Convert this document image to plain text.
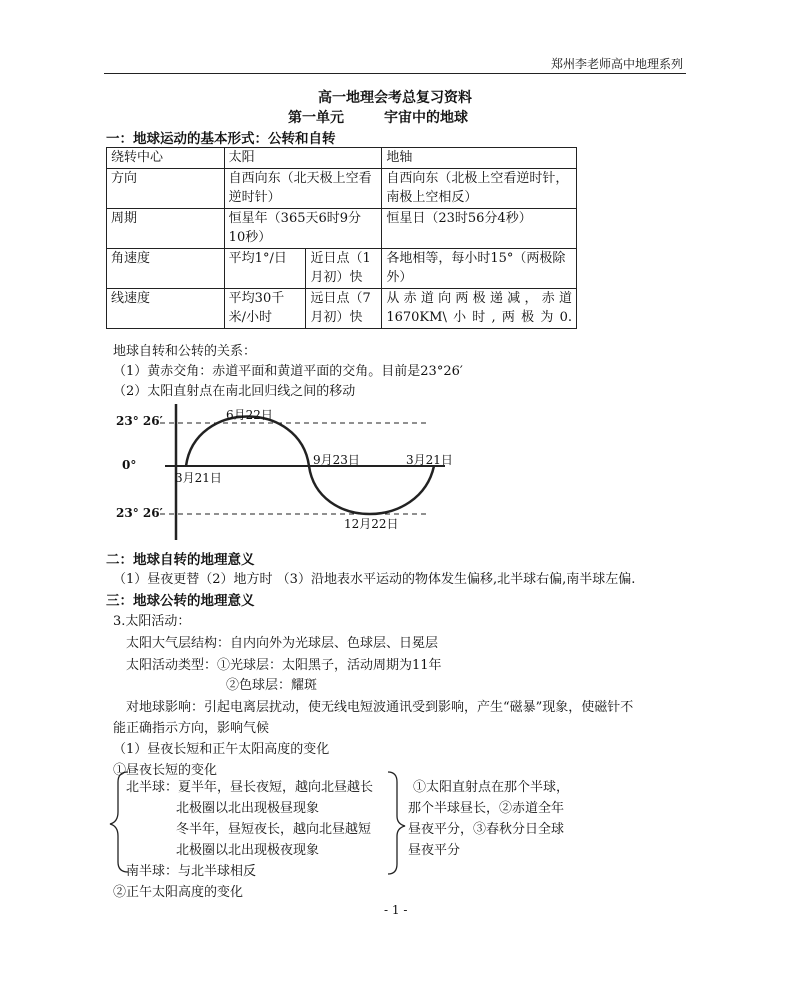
郑州李老师高中地理系列
高一地理会考总复习资料
第一单元	宇宙中的地球
一：地球运动的基本形式：公转和自转
绕转中心	太阳		地轴
方向	自西向东（北天极上空看逆时针）		自西向东（北极上空看逆时针，南极上空相反）
周期	恒星年（365天6时9分10秒）		恒星日（23时56分4秒）
角速度	平均1°/日	近日点（1月初）快	各地相等，每小时15°（两极除外）
线速度	平均30千米/小时	远日点（7月初）快	从赤道向两极递减，赤道1670KM\小时,两极为0.
地球自转和公转的关系：
（1）黄赤交角：赤道平面和黄道平面的交角。目前是23°26′
（2）太阳直射点在南北回归线之间的移动
23° 26′
0°
23° 26′
6月22日
3月21日
9月23日	3月21日
12月22日
二：地球自转的地理意义
（1）昼夜更替（2）地方时 （3）沿地表水平运动的物体发生偏移,北半球右偏,南半球左偏.
三：地球公转的地理意义
3.太阳活动：
太阳大气层结构：自内向外为光球层、色球层、日冕层
太阳活动类型：①光球层：太阳黑子，活动周期为11年
②色球层：耀斑
对地球影响：引起电离层扰动，使无线电短波通讯受到影响，产生“磁暴”现象，使磁针不
能正确指示方向，影响气候
（1）昼夜长短和正午太阳高度的变化
①昼夜长短的变化
北半球：夏半年，昼长夜短，越向北昼越长
北极圈以北出现极昼现象
冬半年，昼短夜长，越向北昼越短
北极圈以北出现极夜现象
南半球：与北半球相反
①太阳直射点在那个半球，
那个半球昼长，②赤道全年
昼夜平分，③春秋分日全球
昼夜平分
②正午太阳高度的变化
- 1 -
